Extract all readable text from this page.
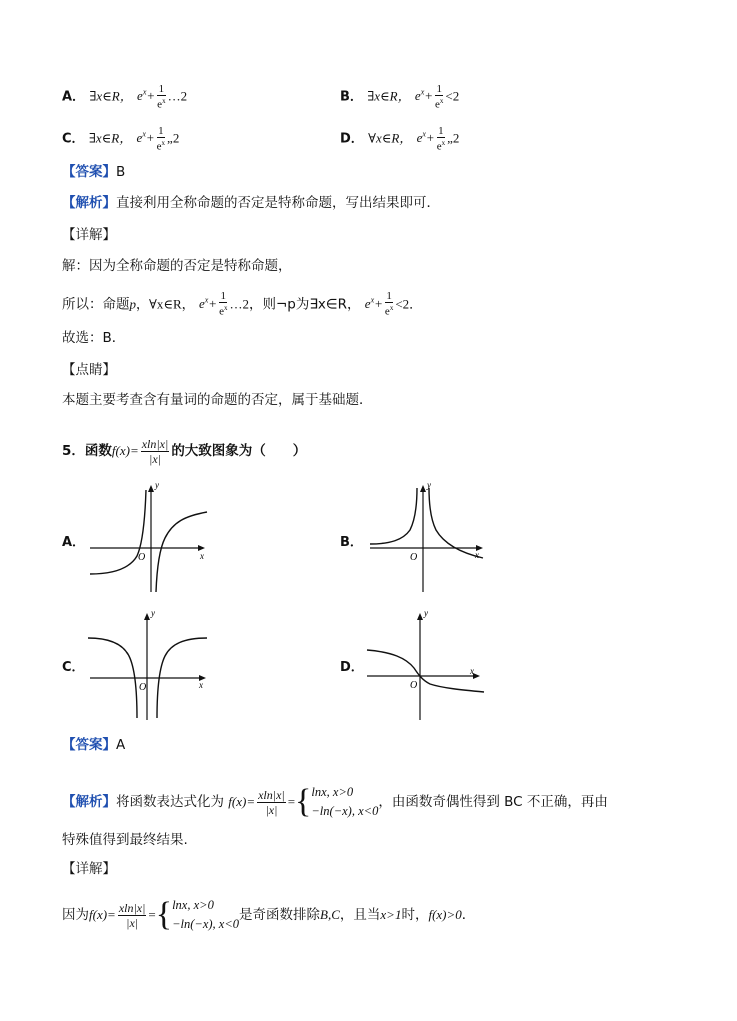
A． ∃x∈R， $e^x+ \frac{1}{e^x}$ …2	B． ∃x∈R， $e^x+ \frac{1}{e^x} <2$
C． ∃x∈R， $e^x+ \frac{1}{e^x}$ „2	D． ∀x∈R， $e^x+ \frac{1}{e^x}$ „2
【答案】B
【解析】直接利用全称命题的否定是特称命题，写出结果即可．
【详解】
解：因为全称命题的否定是特称命题，
所以：命题p，∀x∈R， $e^x+ \frac{1}{e^x}$ …2，则¬p为∃x∈R， $e^x+ \frac{1}{e^x} <2$．
故选：B．
【点睛】
本题主要考查含有量词的命题的否定，属于基础题．
5．函数$f(x)= \frac{xln|x|}{|x|}$ 的大致图象为（　　）
A．	B．
C．	D．
y
x
O
y
x
O
y
x
O
y
x
O
【答案】A
【解析】将函数表达式化为 $f(x)= \frac{xln|x|}{|x|}$ ={ lnx, x>0
−ln(−x), x<0
，由函数奇偶性得到 BC 不正确，再由
特殊值得到最终结果.
【详解】
因为$f(x)= \frac{xln|x|}{|x|}$ ={ lnx, x>0
−ln(−x), x<0
是奇函数排除B,C，且当x>1时，f(x)>0．
